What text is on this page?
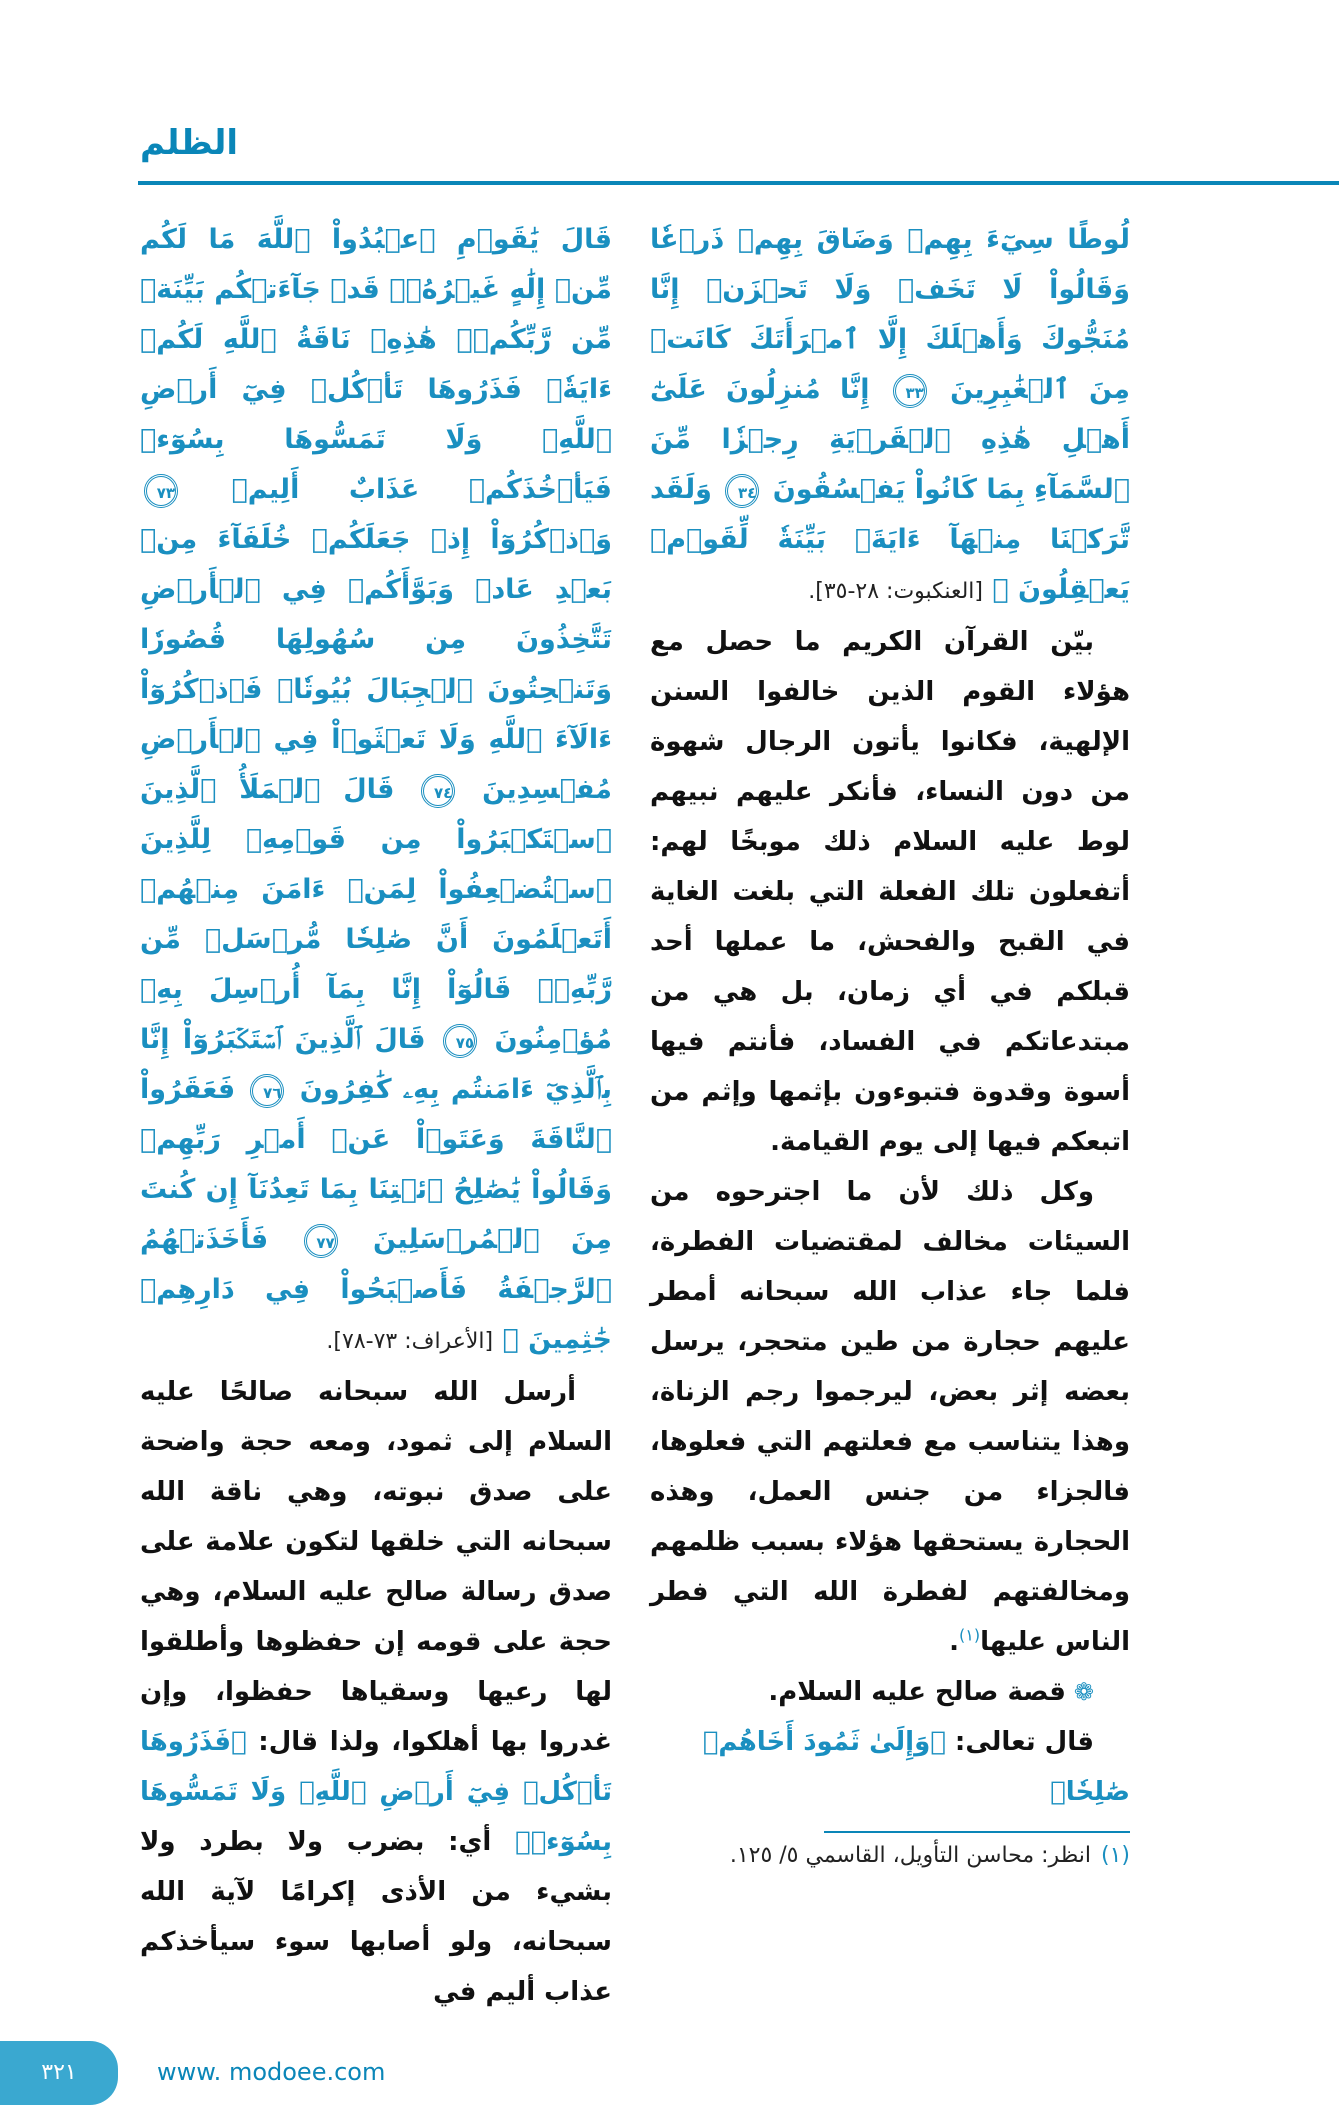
الظلم

قَالَ يَٰقَوۡمِ ٱعۡبُدُواْ ٱللَّهَ مَا لَكُم مِّنۡ إِلَٰهٍ غَيۡرُهُۥۖ قَدۡ جَآءَتۡكُم بَيِّنَةٞ مِّن رَّبِّكُمۡۖ هَٰذِهِۦ نَاقَةُ ٱللَّهِ لَكُمۡ ءَايَةٗۖ فَذَرُوهَا تَأۡكُلۡ فِيٓ أَرۡضِ ٱللَّهِۖ وَلَا تَمَسُّوهَا بِسُوٓءٖ فَيَأۡخُذَكُمۡ عَذَابٌ أَلِيمٞ ٧٣ وَٱذۡكُرُوٓاْ إِذۡ جَعَلَكُمۡ خُلَفَآءَ مِنۢ بَعۡدِ عَادٖ وَبَوَّأَكُمۡ فِي ٱلۡأَرۡضِ تَتَّخِذُونَ مِن سُهُولِهَا قُصُورٗا وَتَنۡحِتُونَ ٱلۡجِبَالَ بُيُوتٗاۖ فَٱذۡكُرُوٓاْ ءَالَآءَ ٱللَّهِ وَلَا تَعۡثَوۡاْ فِي ٱلۡأَرۡضِ مُفۡسِدِينَ ٧٤ قَالَ ٱلۡمَلَأُ ٱلَّذِينَ ٱسۡتَكۡبَرُواْ مِن قَوۡمِهِۦ لِلَّذِينَ ٱسۡتُضۡعِفُواْ لِمَنۡ ءَامَنَ مِنۡهُمۡ أَتَعۡلَمُونَ أَنَّ صَٰلِحٗا مُّرۡسَلٞ مِّن رَّبِّهِۦۚ قَالُوٓاْ إِنَّا بِمَآ أُرۡسِلَ بِهِۦ مُؤۡمِنُونَ ٧٥ قَالَ ٱلَّذِينَ ٱسۡتَكۡبَرُوٓاْ إِنَّا بِٱلَّذِيٓ ءَامَنتُم بِهِۦ كَٰفِرُونَ ٧٦ فَعَقَرُواْ ٱلنَّاقَةَ وَعَتَوۡاْ عَنۡ أَمۡرِ رَبِّهِمۡ وَقَالُواْ يَٰصَٰلِحُ ٱئۡتِنَا بِمَا تَعِدُنَآ إِن كُنتَ مِنَ ٱلۡمُرۡسَلِينَ ٧٧ فَأَخَذَتۡهُمُ ٱلرَّجۡفَةُ فَأَصۡبَحُواْ فِي دَارِهِمۡ جَٰثِمِينَ ﴾ [الأعراف: ٧٣-٧٨].

أرسل الله سبحانه صالحًا عليه السلام إلى ثمود، ومعه حجة واضحة على صدق نبوته، وهي ناقة الله سبحانه التي خلقها لتكون علامة على صدق رسالة صالح عليه السلام، وهي حجة على قومه إن حفظوها وأطلقوا لها رعيها وسقياها حفظوا، وإن غدروا بها أهلكوا، ولذا قال: ﴿فَذَرُوهَا تَأۡكُلۡ فِيٓ أَرۡضِ ٱللَّهِۖ وَلَا تَمَسُّوهَا بِسُوٓءٖ﴾ أي: بضرب ولا بطرد ولا بشيء من الأذى إكرامًا لآية الله سبحانه، ولو أصابها سوء سيأخذكم عذاب أليم في

لُوطًا سِيٓءَ بِهِمۡ وَضَاقَ بِهِمۡ ذَرۡعٗا وَقَالُواْ لَا تَخَفۡ وَلَا تَحۡزَنۡ إِنَّا مُنَجُّوكَ وَأَهۡلَكَ إِلَّا ٱمۡرَأَتَكَ كَانَتۡ مِنَ ٱلۡغَٰبِرِينَ ٣٣ إِنَّا مُنزِلُونَ عَلَىٰٓ أَهۡلِ هَٰذِهِ ٱلۡقَرۡيَةِ رِجۡزٗا مِّنَ ٱلسَّمَآءِ بِمَا كَانُواْ يَفۡسُقُونَ ٣٤ وَلَقَد تَّرَكۡنَا مِنۡهَآ ءَايَةَۢ بَيِّنَةٗ لِّقَوۡمٖ يَعۡقِلُونَ ﴾ [العنكبوت: ٢٨-٣٥].

بيّن القرآن الكريم ما حصل مع هؤلاء القوم الذين خالفوا السنن الإلهية، فكانوا يأتون الرجال شهوة من دون النساء، فأنكر عليهم نبيهم لوط عليه السلام ذلك موبخًا لهم: أتفعلون تلك الفعلة التي بلغت الغاية في القبح والفحش، ما عملها أحد قبلكم في أي زمان، بل هي من مبتدعاتكم في الفساد، فأنتم فيها أسوة وقدوة فتبوءون بإثمها وإثم من اتبعكم فيها إلى يوم القيامة.

وكل ذلك لأن ما اجترحوه من السيئات مخالف لمقتضيات الفطرة، فلما جاء عذاب الله سبحانه أمطر عليهم حجارة من طين متحجر، يرسل بعضه إثر بعض، ليرجموا رجم الزناة، وهذا يتناسب مع فعلتهم التي فعلوها، فالجزاء من جنس العمل، وهذه الحجارة يستحقها هؤلاء بسبب ظلمهم ومخالفتهم لفطرة الله التي فطر الناس عليها$^{(١)}$.

❁قصة صالح عليه السلام.

قال تعالى: ﴿وَإِلَىٰ ثَمُودَ أَخَاهُمۡ صَٰلِحٗاۚ

(١)انظر: محاسن التأويل، القاسمي ٥/ ١٢٥.
٣٢١	www. modoee.com
